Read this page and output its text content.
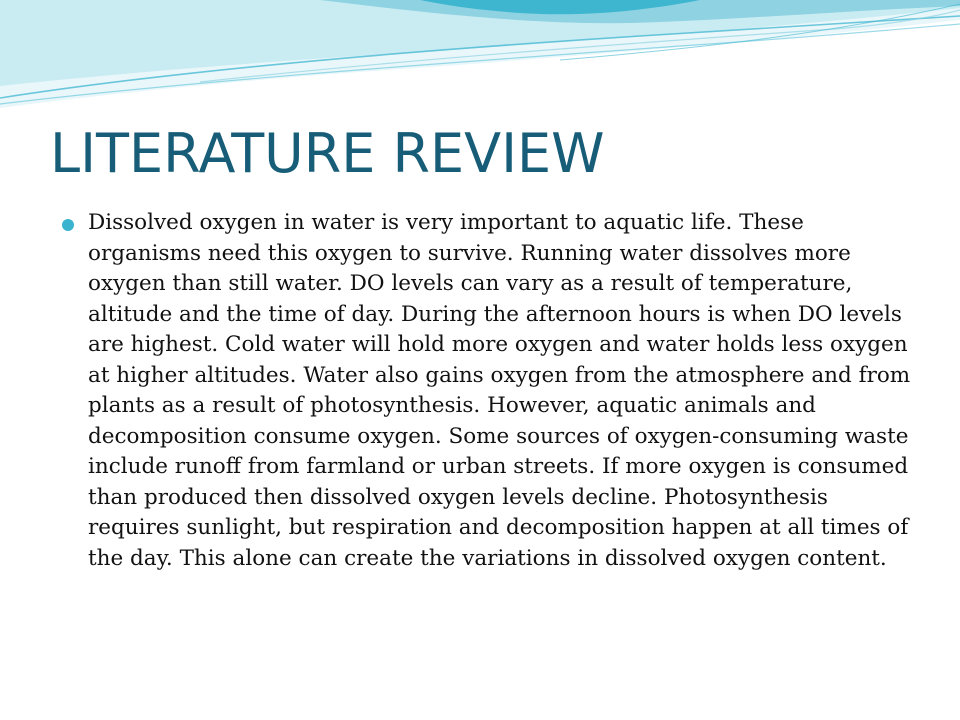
LITERATURE REVIEW
Dissolved oxygen in water is very important to aquatic life. These organisms need this oxygen to survive. Running water dissolves more oxygen than still water. DO levels can vary as a result of temperature, altitude and the time of day. During the afternoon hours is when DO levels are highest. Cold water will hold more oxygen and water holds less oxygen at higher altitudes. Water also gains oxygen from the atmosphere and from plants as a result of photosynthesis. However, aquatic animals and decomposition consume oxygen. Some sources of oxygen-consuming waste include runoff from farmland or urban streets. If more oxygen is consumed than produced then dissolved oxygen levels decline. Photosynthesis requires sunlight, but respiration and decomposition happen at all times of the day. This alone can create the variations in dissolved oxygen content.
